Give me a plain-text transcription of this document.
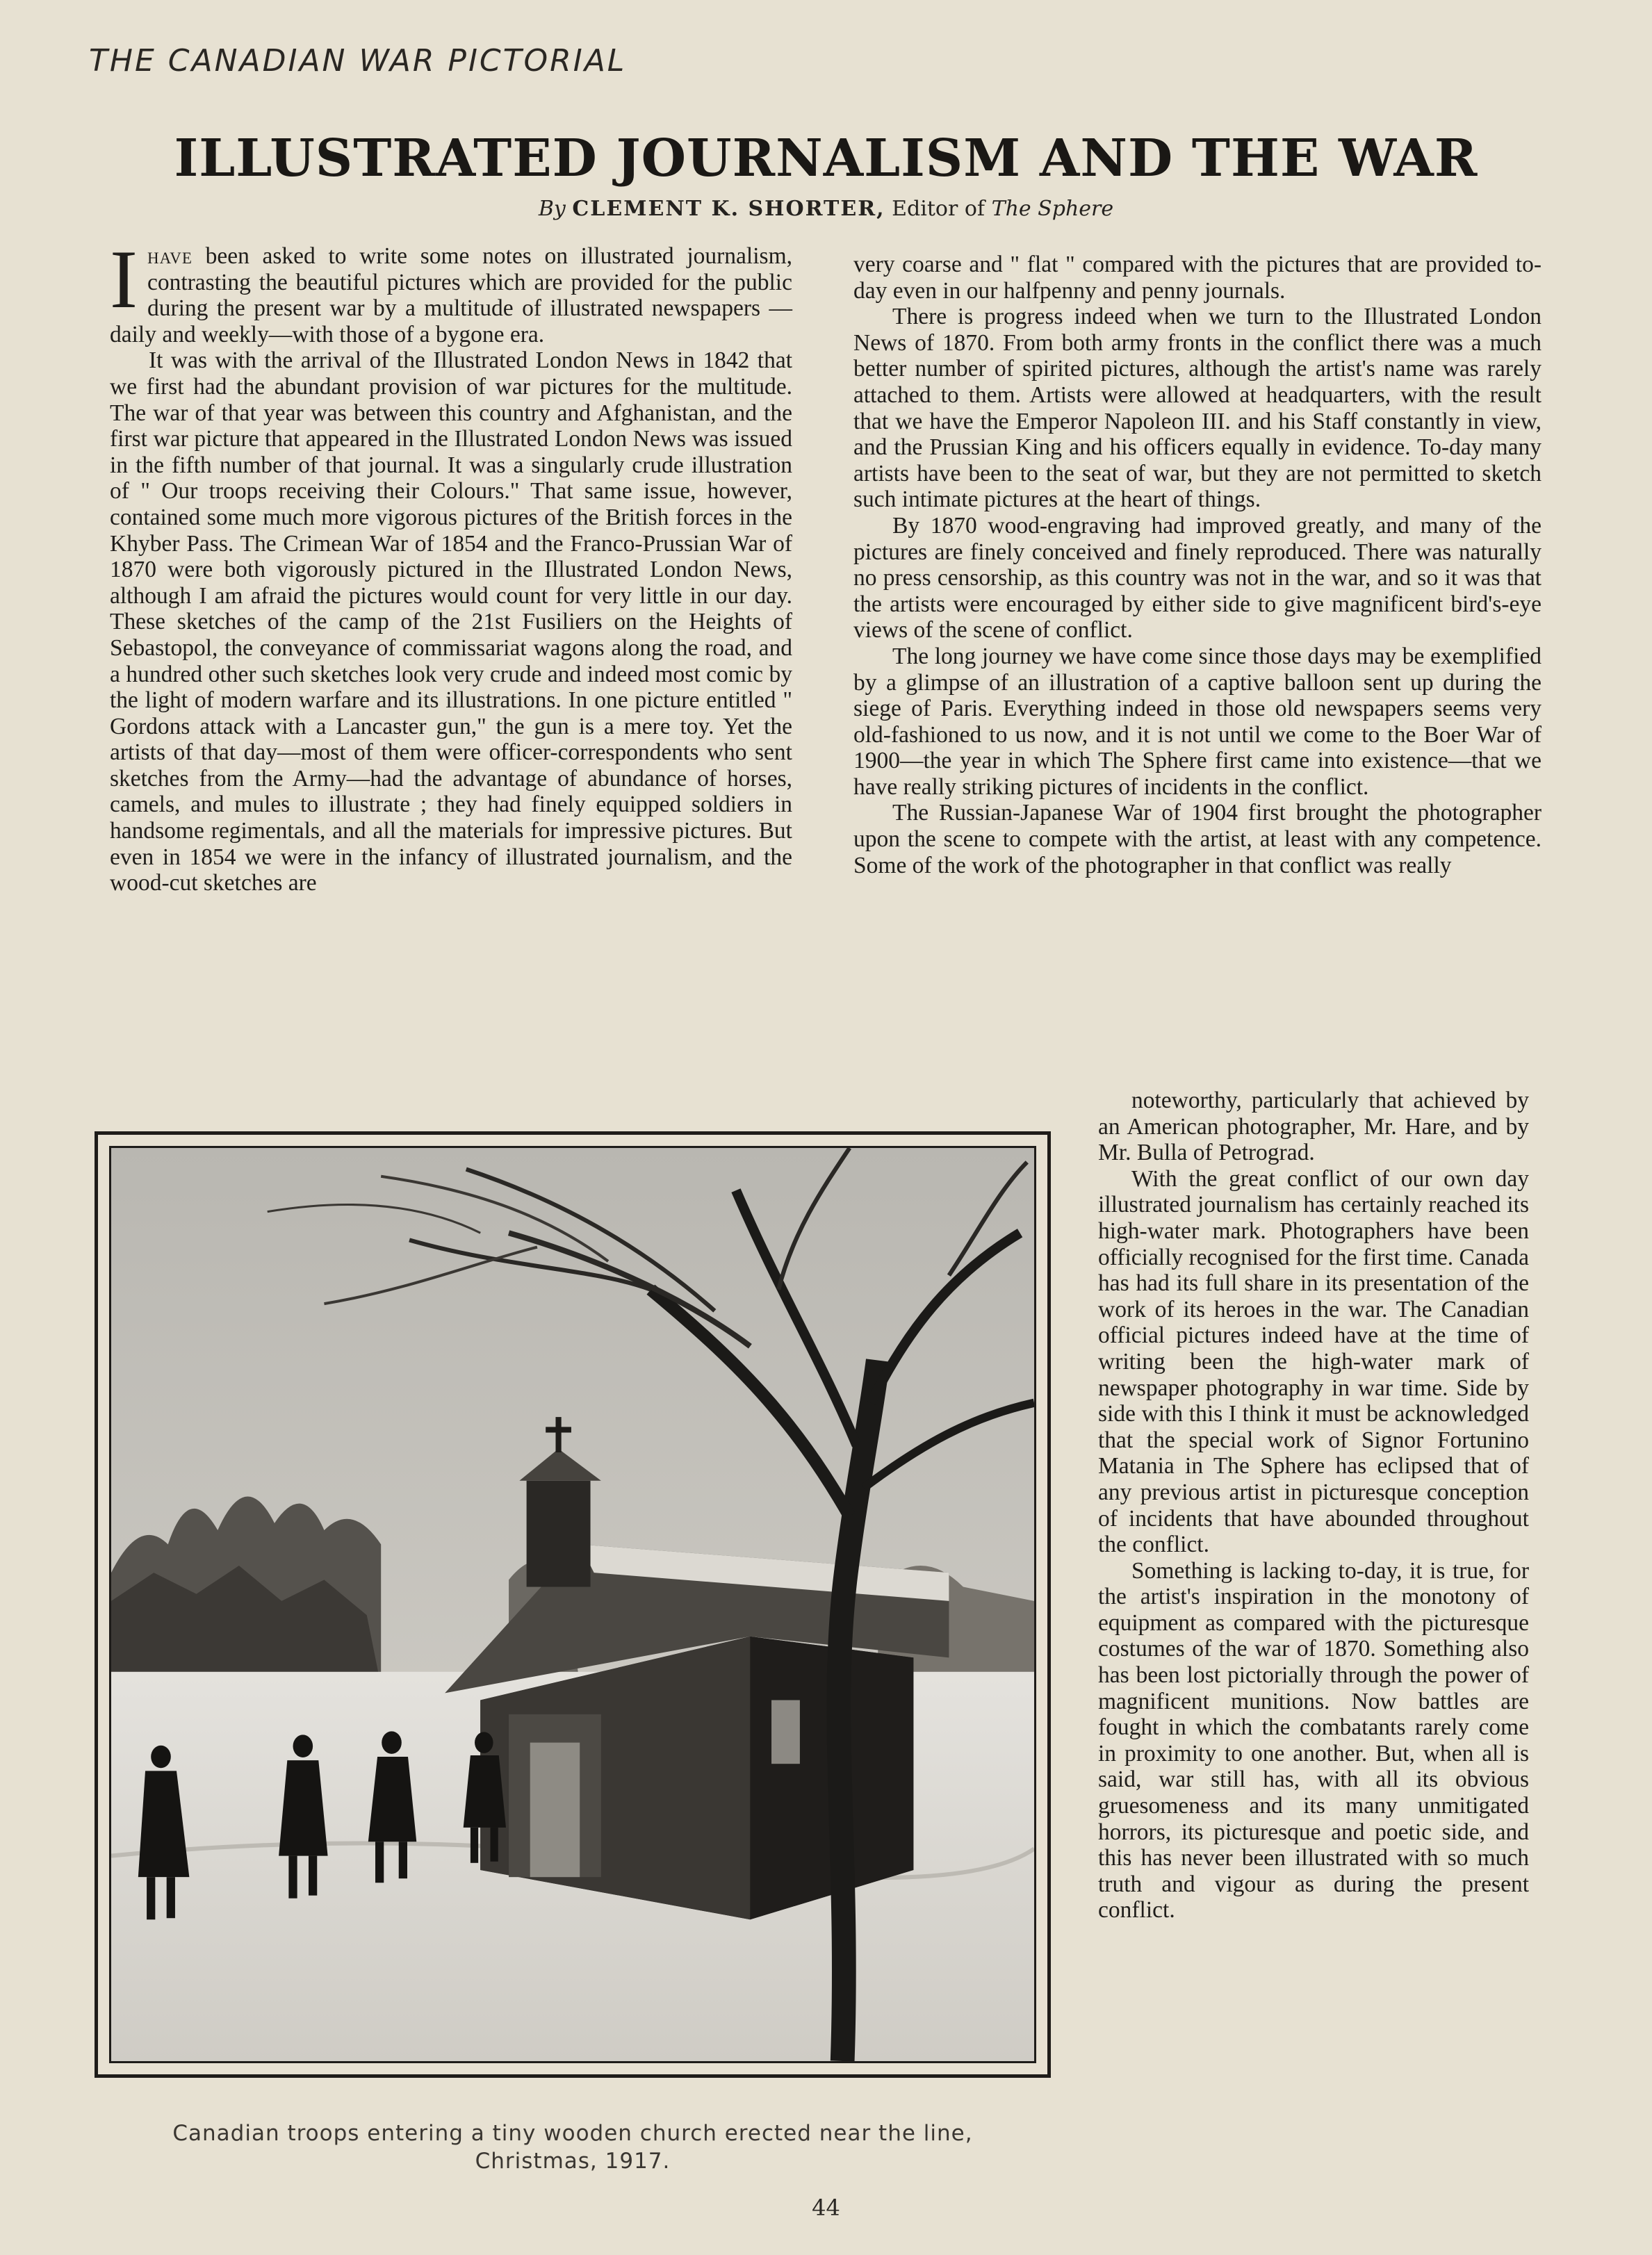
THE CANADIAN WAR PICTORIAL
ILLUSTRATED JOURNALISM AND THE WAR
By CLEMENT K. SHORTER, Editor of The Sphere

Ihave been asked to write some notes on illustrated journalism, contrasting the beautiful pictures which are provided for the public during the present war by a multitude of illustrated newspapers —daily and weekly—with those of a bygone era.

It was with the arrival of the Illustrated London News in 1842 that we first had the abundant provision of war pictures for the multitude. The war of that year was between this country and Afghanistan, and the first war picture that appeared in the Illustrated London News was issued in the fifth number of that journal. It was a singularly crude illustration of " Our troops receiving their Colours." That same issue, however, contained some much more vigorous pictures of the British forces in the Khyber Pass. The Crimean War of 1854 and the Franco-Prussian War of 1870 were both vigorously pictured in the Illustrated London News, although I am afraid the pictures would count for very little in our day. These sketches of the camp of the 21st Fusiliers on the Heights of Sebastopol, the conveyance of commissariat wagons along the road, and a hundred other such sketches look very crude and indeed most comic by the light of modern warfare and its illustrations. In one picture entitled " Gordons attack with a Lancaster gun," the gun is a mere toy. Yet the artists of that day—most of them were officer-correspondents who sent sketches from the Army—had the advantage of abundance of horses, camels, and mules to illustrate ; they had finely equipped soldiers in handsome regimentals, and all the materials for impressive pictures. But even in 1854 we were in the infancy of illustrated journalism, and the wood-cut sketches are

very coarse and " flat " compared with the pictures that are provided to-day even in our halfpenny and penny journals.

There is progress indeed when we turn to the Illustrated London News of 1870. From both army fronts in the conflict there was a much better number of spirited pictures, although the artist's name was rarely attached to them. Artists were allowed at headquarters, with the result that we have the Emperor Napoleon III. and his Staff constantly in view, and the Prussian King and his officers equally in evidence. To-day many artists have been to the seat of war, but they are not permitted to sketch such intimate pictures at the heart of things.

By 1870 wood-engraving had improved greatly, and many of the pictures are finely conceived and finely reproduced. There was naturally no press censorship, as this country was not in the war, and so it was that the artists were encouraged by either side to give magnificent bird's-eye views of the scene of conflict.

The long journey we have come since those days may be exemplified by a glimpse of an illustration of a captive balloon sent up during the siege of Paris. Everything indeed in those old newspapers seems very old-fashioned to us now, and it is not until we come to the Boer War of 1900—the year in which The Sphere first came into existence—that we have really striking pictures of incidents in the conflict.

The Russian-Japanese War of 1904 first brought the photographer upon the scene to compete with the artist, at least with any competence. Some of the work of the photographer in that conflict was really

noteworthy, particularly that achieved by an American photographer, Mr. Hare, and by Mr. Bulla of Petrograd.

With the great conflict of our own day illustrated journalism has certainly reached its high-water mark. Photographers have been officially recognised for the first time. Canada has had its full share in its presentation of the work of its heroes in the war. The Canadian official pictures indeed have at the time of writing been the high-water mark of newspaper photography in war time. Side by side with this I think it must be acknowledged that the special work of Signor Fortunino Matania in The Sphere has eclipsed that of any previous artist in picturesque conception of incidents that have abounded throughout the conflict.

Something is lacking to-day, it is true, for the artist's inspiration in the monotony of equipment as compared with the picturesque costumes of the war of 1870. Something also has been lost pictorially through the power of magnificent munitions. Now battles are fought in which the combatants rarely come in proximity to one another. But, when all is said, war still has, with all its obvious gruesomeness and its many unmitigated horrors, its picturesque and poetic side, and this has never been illustrated with so much truth and vigour as during the present conflict.

Canadian troops entering a tiny wooden church erected near the line,
Christmas, 1917.
44
